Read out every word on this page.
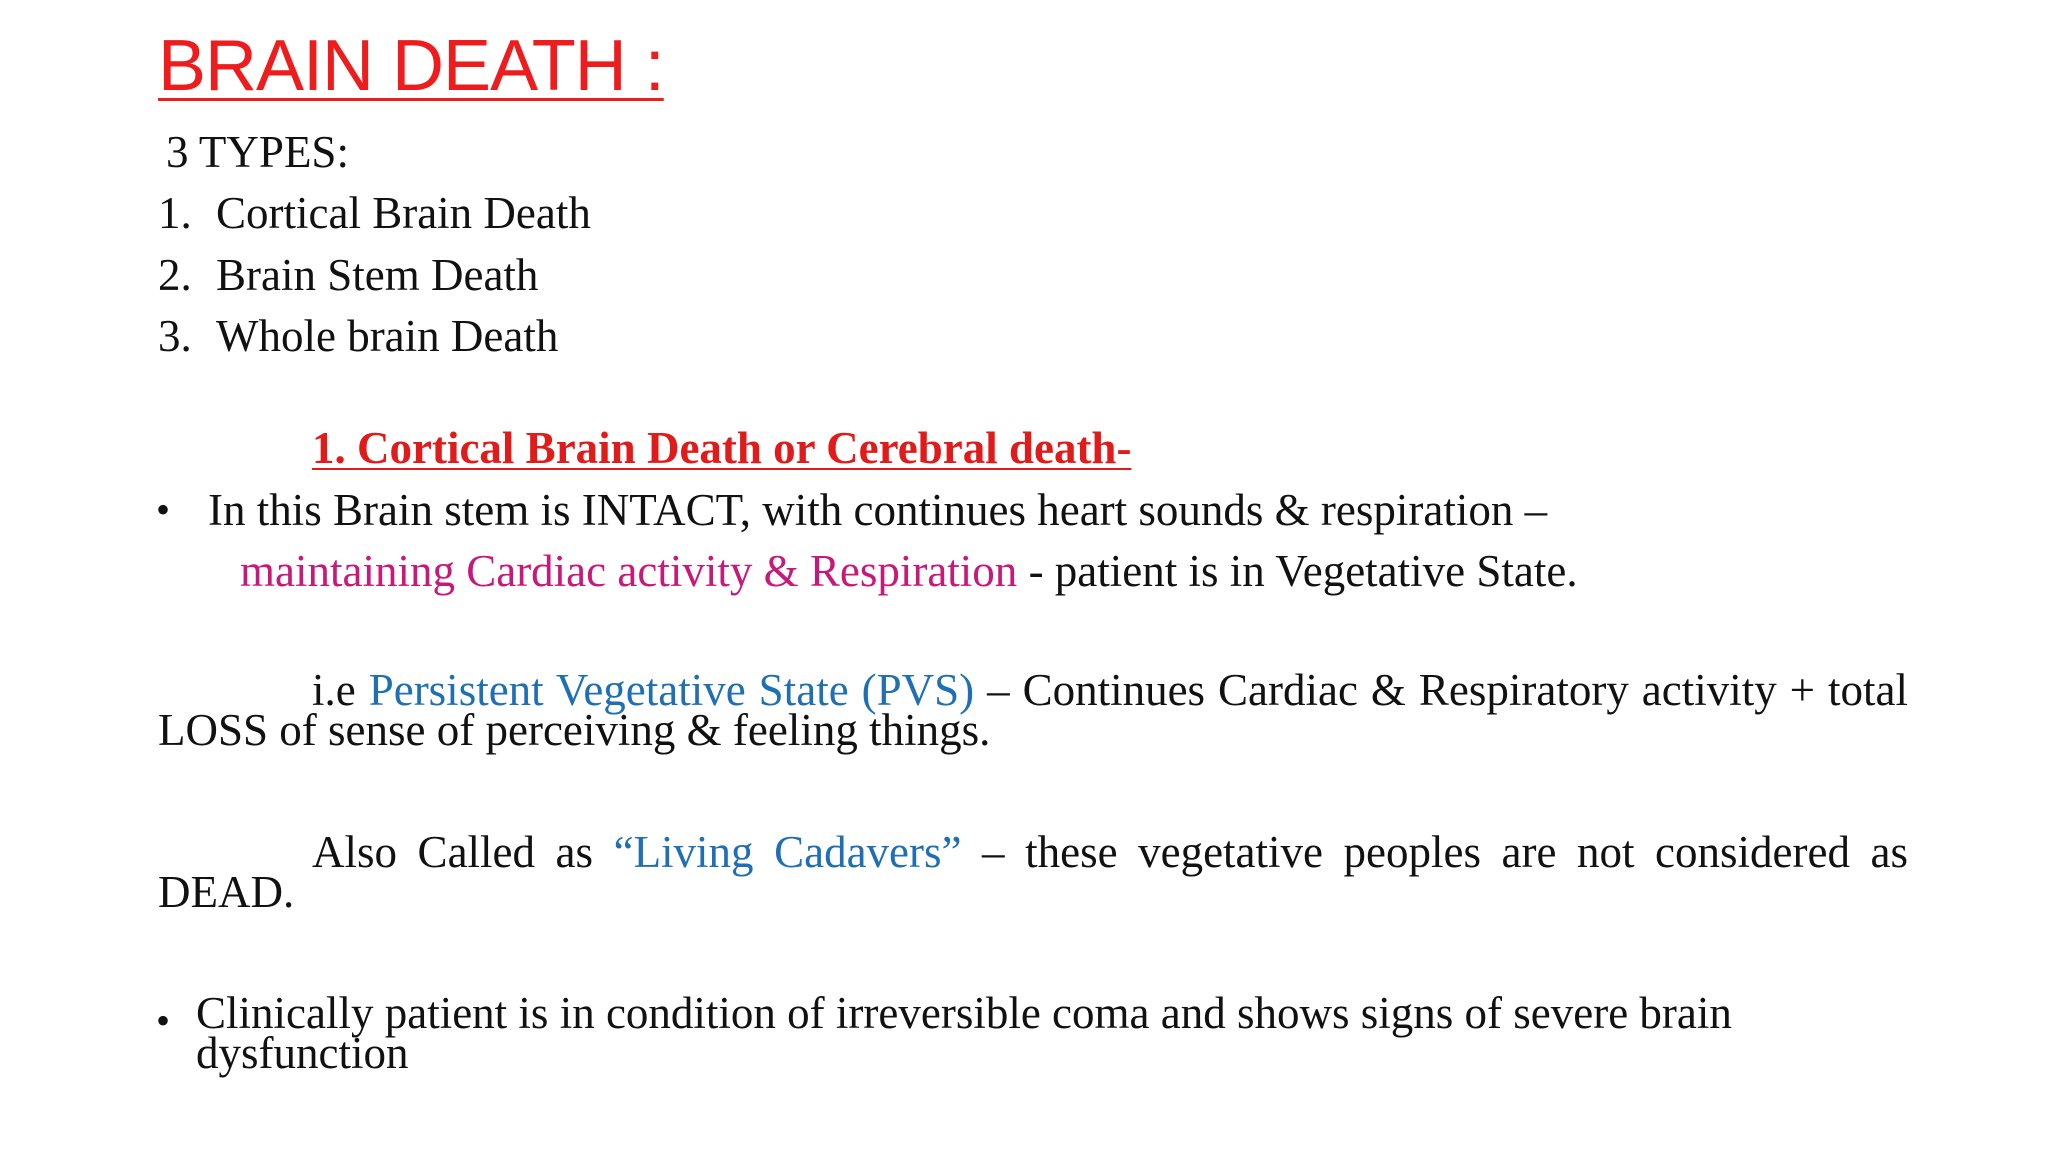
BRAIN DEATH :
3 TYPES:
1. Cortical Brain Death
2. Brain Stem Death
3. Whole brain Death
1. Cortical Brain Death or Cerebral death-
• In this Brain stem is INTACT, with continues heart sounds & respiration –
maintaining Cardiac activity & Respiration - patient is in Vegetative State.
i.e Persistent Vegetative State (PVS) – Continues Cardiac & Respiratory activity + total LOSS of sense of perceiving & feeling things.
Also Called as “Living Cadavers” – these vegetative peoples are not considered as DEAD.
• Clinically patient is in condition of irreversible coma and shows signs of severe brain dysfunction
